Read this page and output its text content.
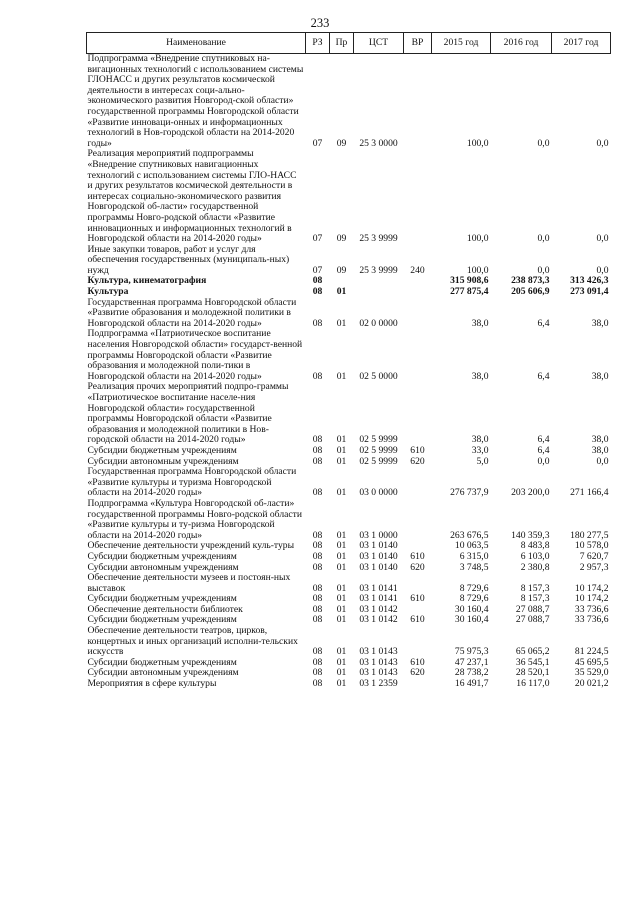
233
Наименование	РЗ	Пр	ЦСТ	ВР	2015 год	2016 год	2017 год
Подпрограмма «Внедрение спутниковых на-вигационных технологий с использованием системы ГЛОНАСС и других результатов космической деятельности в интересах соци-ально-экономического развития Новгород-ской области» государственной программы Новгородской области «Развитие инноваци-онных и информационных технологий в Нов-городской области на 2014-2020 годы»	07	09	25 3 0000		100,0	0,0	0,0
Реализация мероприятий подпрограммы «Внедрение спутниковых навигационных технологий с использованием системы ГЛО-НАСС и других результатов космической деятельности в интересах социально-экономического развития Новгородской об-ласти» государственной программы Новго-родской области «Развитие инновационных и информационных технологий в Новгородской области на 2014-2020 годы»	07	09	25 3 9999		100,0	0,0	0,0
Иные закупки товаров, работ и услуг для обеспечения государственных (муниципаль-ных) нужд	07	09	25 3 9999	240	100,0	0,0	0,0
Культура, кинематография	08				315 908,6	238 873,3	313 426,3
Культура	08	01			277 875,4	205 606,9	273 091,4
Государственная программа Новгородской области «Развитие образования и молодежной политики в Новгородской области на 2014-2020 годы»	08	01	02 0 0000		38,0	6,4	38,0
Подпрограмма «Патриотическое воспитание населения Новгородской области» государст-венной программы Новгородской области «Развитие образования и молодежной поли-тики в Новгородской области на 2014-2020 годы»	08	01	02 5 0000		38,0	6,4	38,0
Реализация прочих мероприятий подпро-граммы «Патриотическое воспитание населе-ния Новгородской области» государственной программы Новгородской области «Развитие образования и молодежной политики в Нов-городской области на 2014-2020 годы»	08	01	02 5 9999		38,0	6,4	38,0
Субсидии бюджетным учреждениям	08	01	02 5 9999	610	33,0	6,4	38,0
Субсидии автономным учреждениям	08	01	02 5 9999	620	5,0	0,0	0,0
Государственная программа Новгородской области «Развитие культуры и туризма Новгородской области на 2014-2020 годы»	08	01	03 0 0000		276 737,9	203 200,0	271 166,4
Подпрограмма «Культура Новгородской об-ласти» государственной программы Новго-родской области «Развитие культуры и ту-ризма Новгородской области на 2014-2020 годы»	08	01	03 1 0000		263 676,5	140 359,3	180 277,5
Обеспечение деятельности учреждений куль-туры	08	01	03 1 0140		10 063,5	8 483,8	10 578,0
Субсидии бюджетным учреждениям	08	01	03 1 0140	610	6 315,0	6 103,0	7 620,7
Субсидии автономным учреждениям	08	01	03 1 0140	620	3 748,5	2 380,8	2 957,3
Обеспечение деятельности музеев и постоян-ных выставок	08	01	03 1 0141		8 729,6	8 157,3	10 174,2
Субсидии бюджетным учреждениям	08	01	03 1 0141	610	8 729,6	8 157,3	10 174,2
Обеспечение деятельности библиотек	08	01	03 1 0142		30 160,4	27 088,7	33 736,6
Субсидии бюджетным учреждениям	08	01	03 1 0142	610	30 160,4	27 088,7	33 736,6
Обеспечение деятельности театров, цирков, концертных и иных организаций исполни-тельских искусств	08	01	03 1 0143		75 975,3	65 065,2	81 224,5
Субсидии бюджетным учреждениям	08	01	03 1 0143	610	47 237,1	36 545,1	45 695,5
Субсидии автономным учреждениям	08	01	03 1 0143	620	28 738,2	28 520,1	35 529,0
Мероприятия в сфере культуры	08	01	03 1 2359		16 491,7	16 117,0	20 021,2
